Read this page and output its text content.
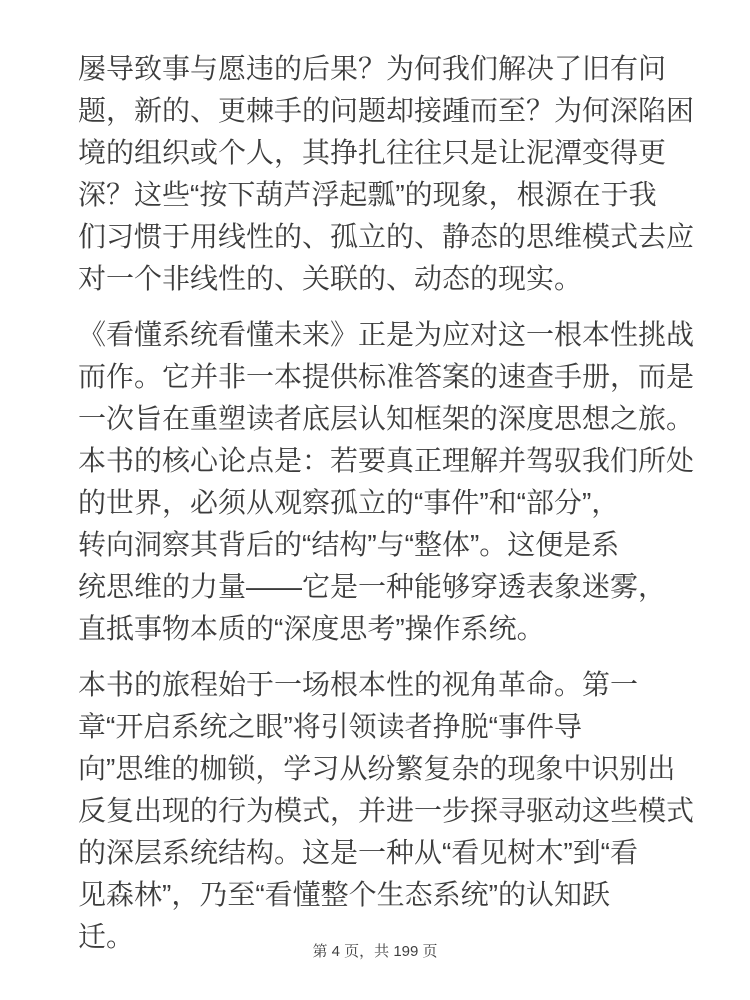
屡导致事与愿违的后果？为何我们解决了旧有问
题，新的、更棘手的问题却接踵而至？为何深陷困
境的组织或个人，其挣扎往往只是让泥潭变得更
深？这些“按下葫芦浮起瓢”的现象，根源在于我
们习惯于用线性的、孤立的、静态的思维模式去应
对一个非线性的、关联的、动态的现实。
《看懂系统看懂未来》正是为应对这一根本性挑战
而作。它并非一本提供标准答案的速查手册，而是
一次旨在重塑读者底层认知框架的深度思想之旅。
本书的核心论点是：若要真正理解并驾驭我们所处
的世界，必须从观察孤立的“事件”和“部分”，
转向洞察其背后的“结构”与“整体”。这便是系
统思维的力量——它是一种能够穿透表象迷雾，
直抵事物本质的“深度思考”操作系统。
本书的旅程始于一场根本性的视角革命。第一
章“开启系统之眼”将引领读者挣脱“事件导
向”思维的枷锁，学习从纷繁复杂的现象中识别出
反复出现的行为模式，并进一步探寻驱动这些模式
的深层系统结构。这是一种从“看见树木”到“看
见森林”，乃至“看懂整个生态系统”的认知跃
迁。	第 4 页，共 199 页
